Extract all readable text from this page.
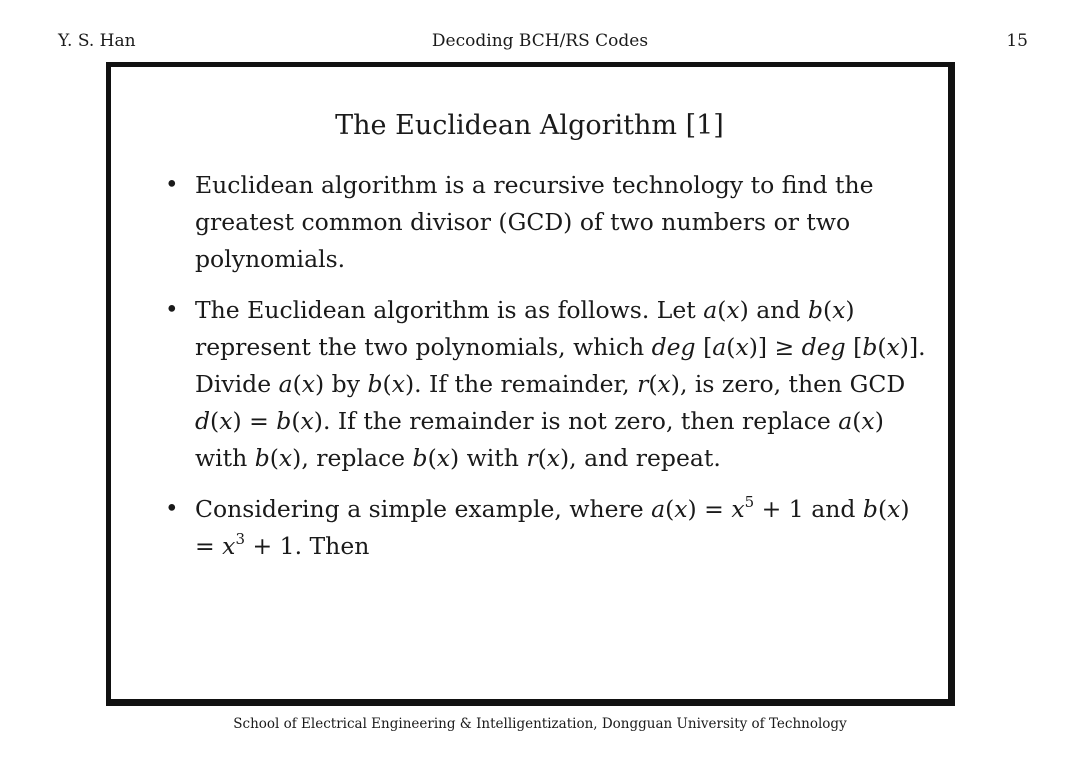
Y. S. Han	Decoding BCH/RS Codes	15
The Euclidean Algorithm [1]
• Euclidean algorithm is a recursive technology to find the greatest common divisor (GCD) of two numbers or two polynomials.
• The Euclidean algorithm is as follows. Let a(x) and b(x) represent the two polynomials, which deg [a(x)] ≥ deg [b(x)]. Divide a(x) by b(x). If the remainder, r(x), is zero, then GCD d(x) = b(x). If the remainder is not zero, then replace a(x) with b(x), replace b(x) with r(x), and repeat.
• Considering a simple example, where $a(x) = x^5 + 1$ and $b(x) = x^3 + 1$. Then
School of Electrical Engineering & Intelligentization, Dongguan University of Technology
